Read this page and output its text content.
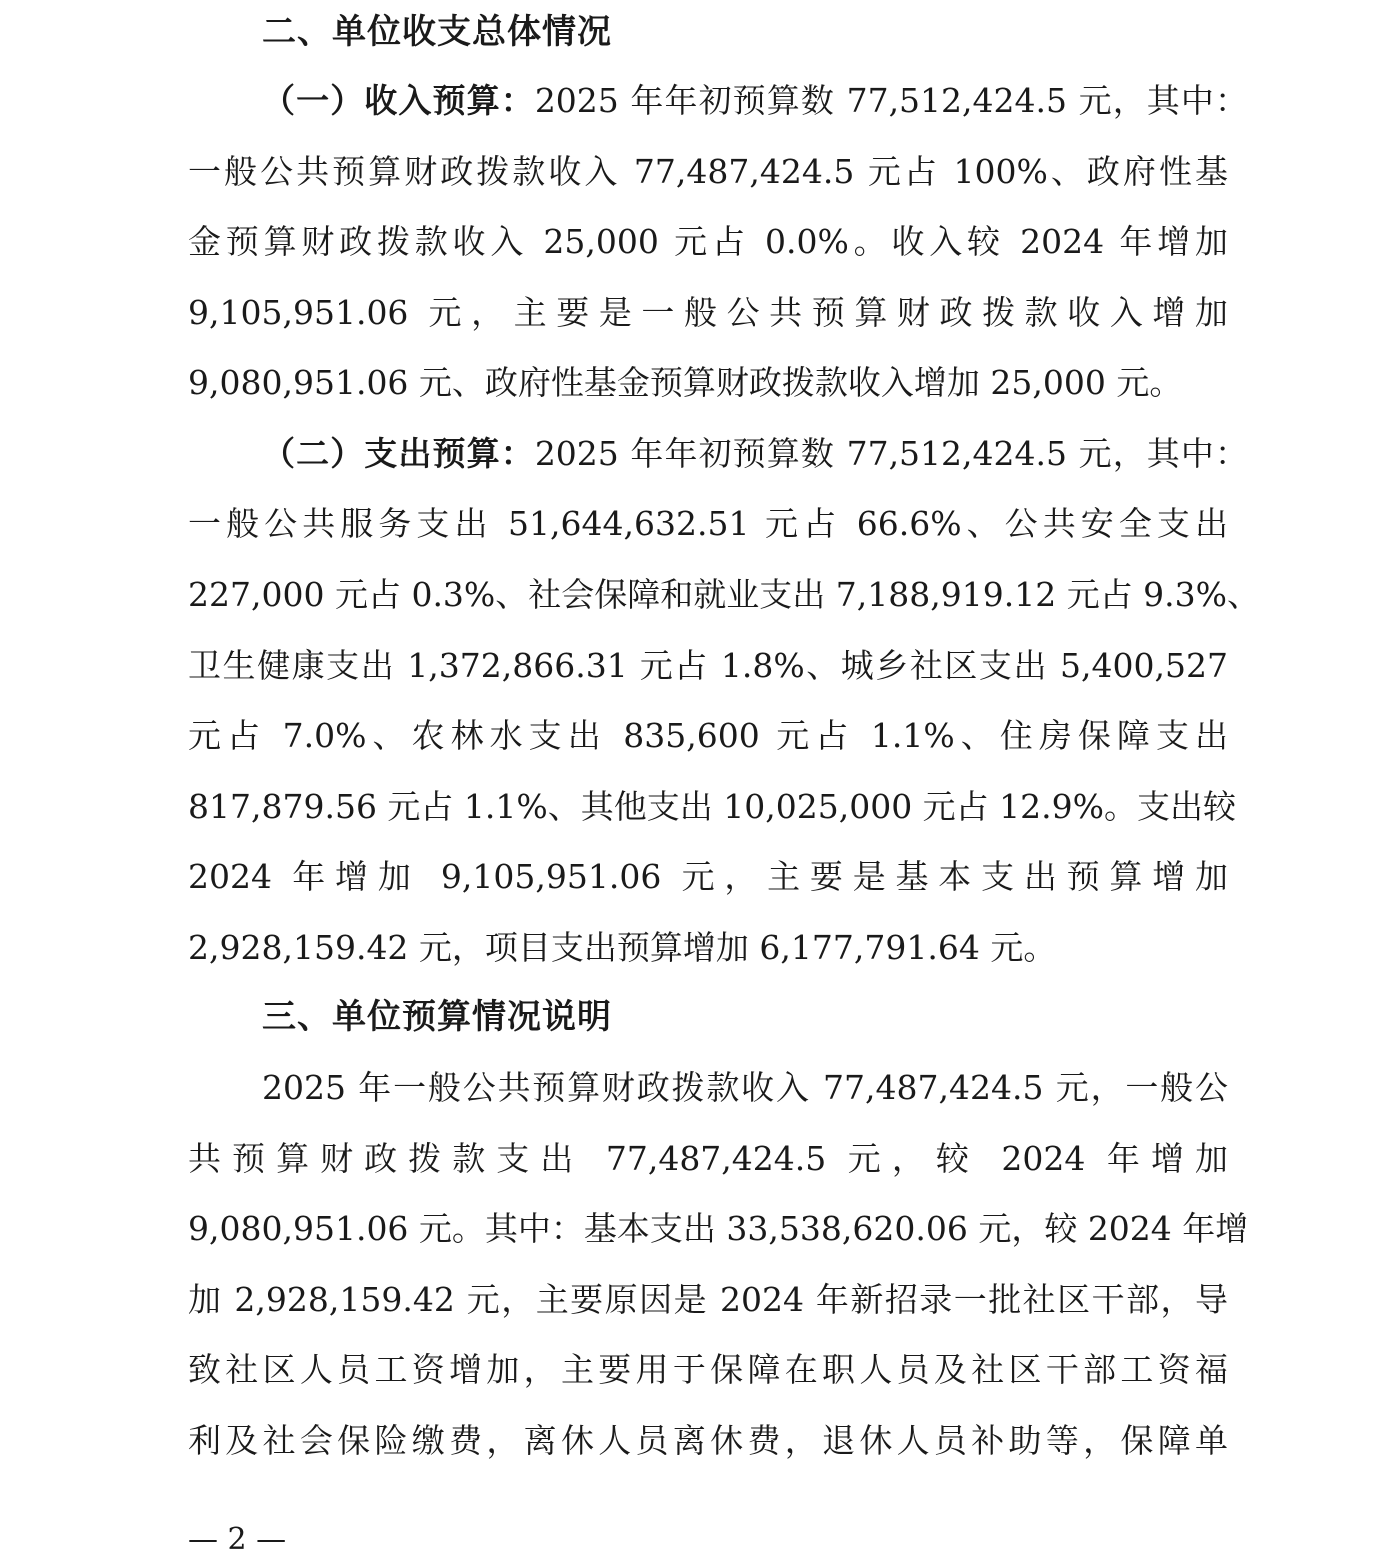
二、单位收支总体情况
（一）收入预算：2025 年年初预算数 77,512,424.5 元，其中：
一般公共预算财政拨款收入 77,487,424.5 元占 100%、政府性基
金预算财政拨款收入 25,000 元占 0.0%。收入较 2024 年增加
9,105,951.06 元，主要是一般公共预算财政拨款收入增加
9,080,951.06 元、政府性基金预算财政拨款收入增加 25,000 元。
（二）支出预算：2025 年年初预算数 77,512,424.5 元，其中：
一般公共服务支出 51,644,632.51 元占 66.6%、公共安全支出
227,000 元占 0.3%、社会保障和就业支出 7,188,919.12 元占 9.3%、
卫生健康支出 1,372,866.31 元占 1.8%、城乡社区支出 5,400,527
元占 7.0%、农林水支出 835,600 元占 1.1%、住房保障支出
817,879.56 元占 1.1%、其他支出 10,025,000 元占 12.9%。支出较
2024 年增加 9,105,951.06 元，主要是基本支出预算增加
2,928,159.42 元，项目支出预算增加 6,177,791.64 元。
三、单位预算情况说明
2025 年一般公共预算财政拨款收入 77,487,424.5 元，一般公
共预算财政拨款支出 77,487,424.5 元，较 2024 年增加
9,080,951.06 元。其中：基本支出 33,538,620.06 元，较 2024 年增
加 2,928,159.42 元，主要原因是 2024 年新招录一批社区干部，导
致社区人员工资增加，主要用于保障在职人员及社区干部工资福
利及社会保险缴费，离休人员离休费，退休人员补助等，保障单
— 2 —
